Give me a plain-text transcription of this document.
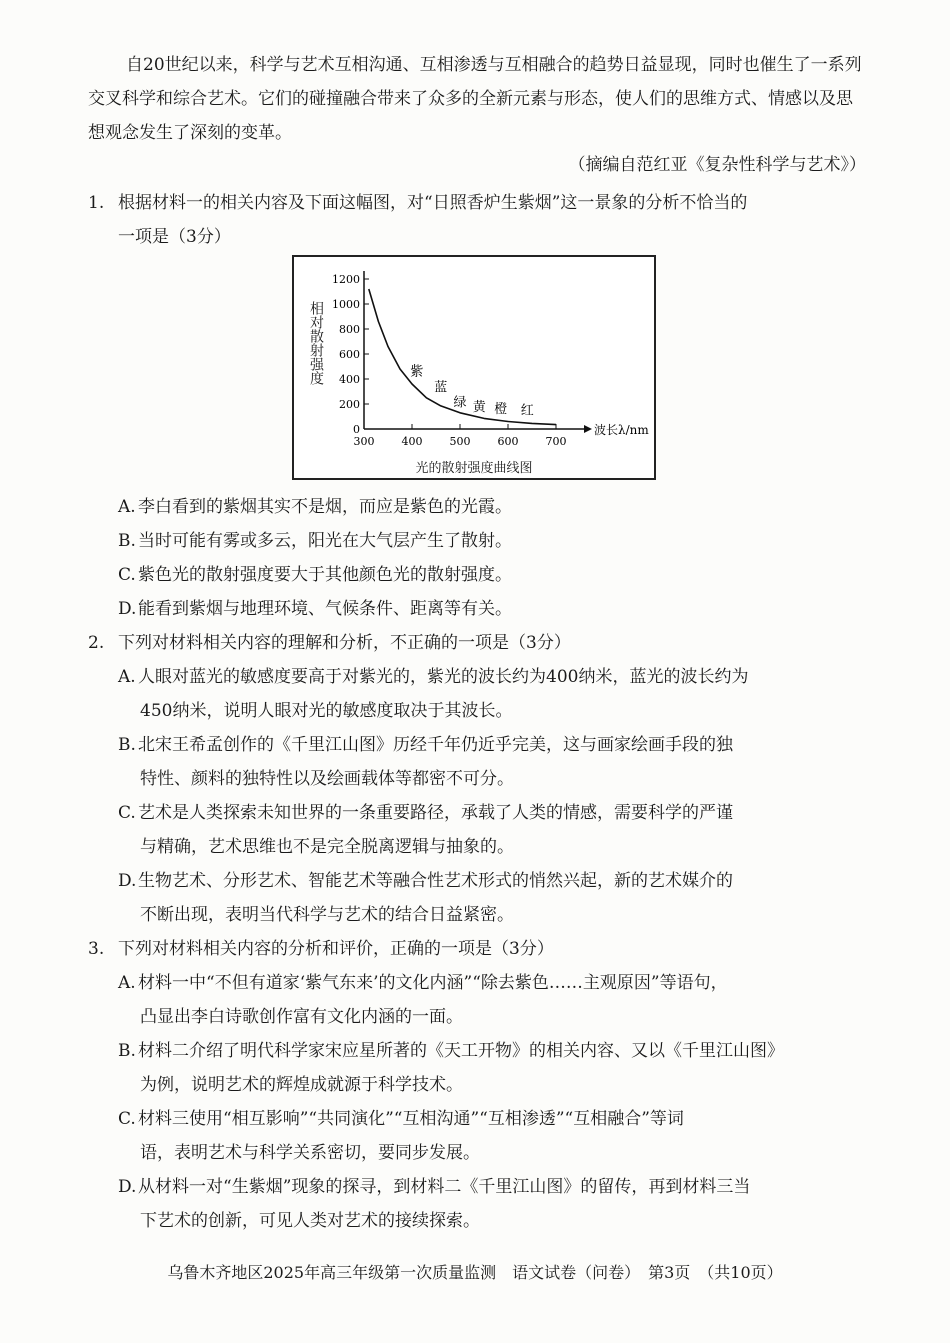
自20世纪以来，科学与艺术互相沟通、互相渗透与互相融合的趋势日益显现，同时也催生了一系列交叉科学和综合艺术。它们的碰撞融合带来了众多的全新元素与形态，使人们的思维方式、情感以及思想观念发生了深刻的变革。
（摘编自范红亚《复杂性科学与艺术》）
1. 根据材料一的相关内容及下面这幅图，对“日照香炉生紫烟”这一景象的分析不恰当的
一项是（3分）
相对散射强度
0
200
400
600
800
1000
1200
300 400 500 600 700
波长λ/nm
紫
蓝
绿 黄 橙 红
光的散射强度曲线图
A. 李白看到的紫烟其实不是烟，而应是紫色的光霞。
B. 当时可能有雾或多云，阳光在大气层产生了散射。
C. 紫色光的散射强度要大于其他颜色光的散射强度。
D.能看到紫烟与地理环境、气候条件、距离等有关。
2. 下列对材料相关内容的理解和分析，不正确的一项是（3分）
A. 人眼对蓝光的敏感度要高于对紫光的，紫光的波长约为400纳米，蓝光的波长约为
450纳米，说明人眼对光的敏感度取决于其波长。
B. 北宋王希孟创作的《千里江山图》历经千年仍近乎完美，这与画家绘画手段的独
特性、颜料的独特性以及绘画载体等都密不可分。
C. 艺术是人类探索未知世界的一条重要路径，承载了人类的情感，需要科学的严谨
与精确，艺术思维也不是完全脱离逻辑与抽象的。
D.生物艺术、分形艺术、智能艺术等融合性艺术形式的悄然兴起，新的艺术媒介的
不断出现，表明当代科学与艺术的结合日益紧密。
3. 下列对材料相关内容的分析和评价，正确的一项是（3分）
A. 材料一中“不但有道家‘紫气东来’的文化内涵”“除去紫色……主观原因”等语句，
凸显出李白诗歌创作富有文化内涵的一面。
B. 材料二介绍了明代科学家宋应星所著的《天工开物》的相关内容、又以《千里江山图》
为例，说明艺术的辉煌成就源于科学技术。
C. 材料三使用“相互影响”“共同演化”“互相沟通”“互相渗透”“互相融合”等词
语，表明艺术与科学关系密切，要同步发展。
D.从材料一对“生紫烟”现象的探寻，到材料二《千里江山图》的留传，再到材料三当
下艺术的创新，可见人类对艺术的接续探索。
乌鲁木齐地区2025年高三年级第一次质量监测　语文试卷（问卷）　第3页　（共10页）
